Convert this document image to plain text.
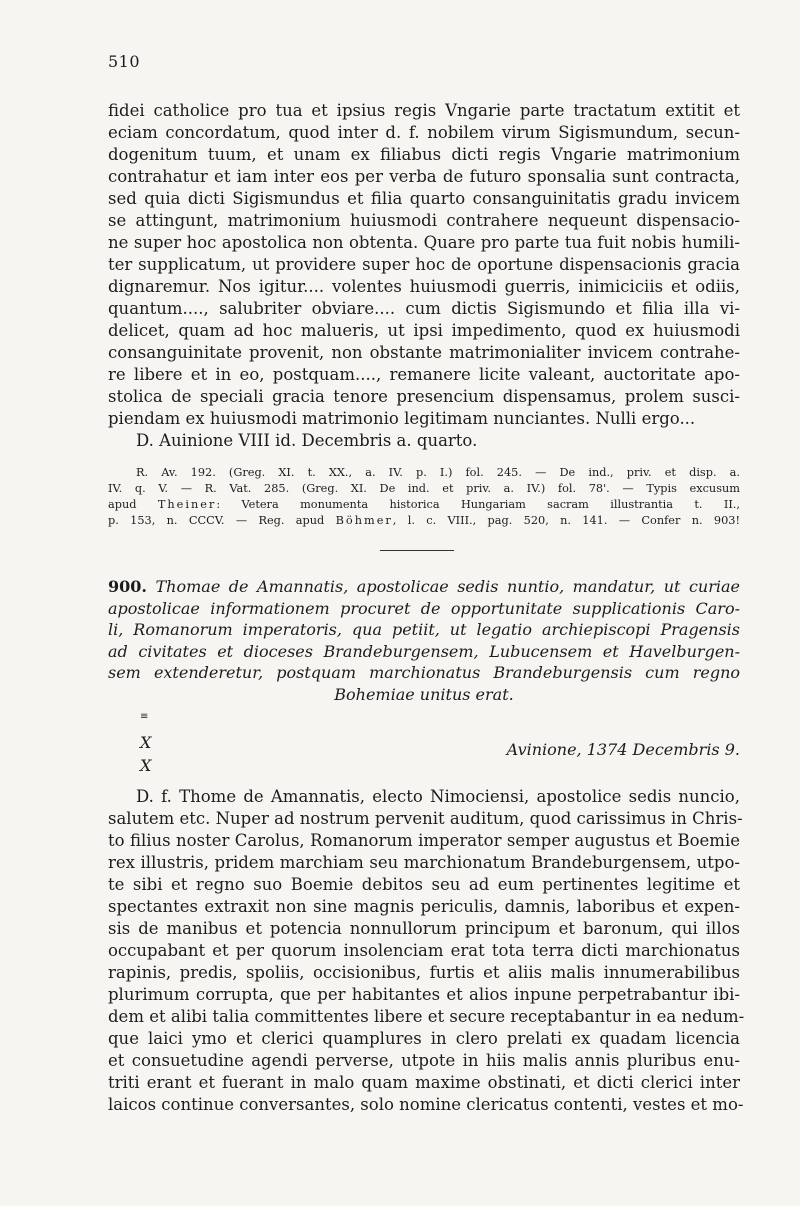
510
fidei catholice pro tua et ipsius regis Vngarie parte tractatum extitit et
eciam concordatum, quod inter d. f. nobilem virum Sigismundum, secun-
dogenitum tuum, et unam ex filiabus dicti regis Vngarie matrimonium
contrahatur et iam inter eos per verba de futuro sponsalia sunt contracta,
sed quia dicti Sigismundus et filia quarto consanguinitatis gradu invicem
se attingunt, matrimonium huiusmodi contrahere nequeunt dispensacio-
ne super hoc apostolica non obtenta. Quare pro parte tua fuit nobis humili-
ter supplicatum, ut providere super hoc de oportune dispensacionis gracia
dignaremur. Nos igitur.... volentes huiusmodi guerris, inimiciciis et odiis,
quantum...., salubriter obviare.... cum dictis Sigismundo et filia illa vi-
delicet, quam ad hoc malueris, ut ipsi impedimento, quod ex huiusmodi
consanguinitate provenit, non obstante matrimonialiter invicem contrahe-
re libere et in eo, postquam...., remanere licite valeant, auctoritate apo-
stolica de speciali gracia tenore presencium dispensamus, prolem susci-
piendam ex huiusmodi matrimonio legitimam nunciantes. Nulli ergo...
D. Auinione VIII id. Decembris a. quarto.
R. Av. 192. (Greg. XI. t. XX., a. IV. p. I.) fol. 245. — De ind., priv. et disp. a.
IV. q. V. — R. Vat. 285. (Greg. XI. De ind. et priv. a. IV.) fol. 78'. — Typis excusum
apud Theiner: Vetera monumenta historica Hungariam sacram illustrantia t. II.,
p. 153, n. CCCV. — Reg. apud Böhmer, l. c. VIII., pag. 520, n. 141. — Confer n. 903!
900. Thomae de Amannatis, apostolicae sedis nuntio, mandatur, ut curiae
apostolicae informationem procuret de opportunitate supplicationis Caro-
li, Romanorum imperatoris, qua petiit, ut legatio archiepiscopi Pragensis
ad civitates et dioceses Brandeburgensem, Lubucensem et Havelburgen-
sem extenderetur, postquam marchionatus Brandeburgensis cum regno
Bohemiae unitus erat.
≡
X
X
Avinione, 1374 Decembris 9.
D. f. Thome de Amannatis, electo Nimociensi, apostolice sedis nuncio,
salutem etc. Nuper ad nostrum pervenit auditum, quod carissimus in Chris-
to filius noster Carolus, Romanorum imperator semper augustus et Boemie
rex illustris, pridem marchiam seu marchionatum Brandeburgensem, utpo-
te sibi et regno suo Boemie debitos seu ad eum pertinentes legitime et
spectantes extraxit non sine magnis periculis, damnis, laboribus et expen-
sis de manibus et potencia nonnullorum principum et baronum, qui illos
occupabant et per quorum insolenciam erat tota terra dicti marchionatus
rapinis, predis, spoliis, occisionibus, furtis et aliis malis innumerabilibus
plurimum corrupta, que per habitantes et alios inpune perpetrabantur ibi-
dem et alibi talia committentes libere et secure receptabantur in ea nedum-
que laici ymo et clerici quamplures in clero prelati ex quadam licencia
et consuetudine agendi perverse, utpote in hiis malis annis pluribus enu-
triti erant et fuerant in malo quam maxime obstinati, et dicti clerici inter
laicos continue conversantes, solo nomine clericatus contenti, vestes et mo-
